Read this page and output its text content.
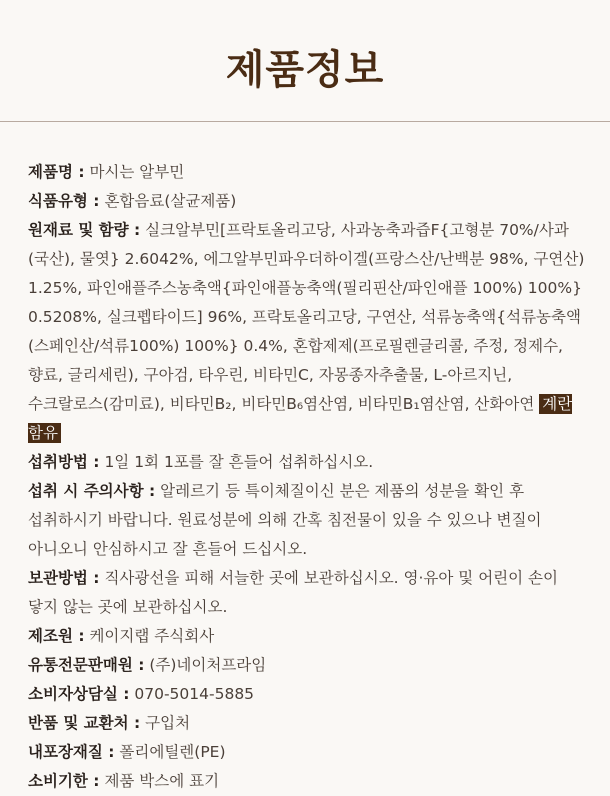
제품정보

제품명 : 마시는 알부민

식품유형 : 혼합음료(살균제품)

원재료 및 함량 : 실크알부민[프락토올리고당, 사과농축과즙F{고형분 70%/사과(국산), 물엿} 2.6042%, 에그알부민파우더하이겔(프랑스산/난백분 98%, 구연산) 1.25%, 파인애플주스농축액{파인애플농축액(필리핀산/파인애플 100%) 100%} 0.5208%, 실크펩타이드] 96%, 프락토올리고당, 구연산, 석류농축액{석류농축액(스페인산/석류100%) 100%} 0.4%, 혼합제제(프로필렌글리콜, 주정, 정제수, 향료, 글리세린), 구아검, 타우린, 비타민C, 자몽종자추출물, L-아르지닌, 수크랄로스(감미료), 비타민B₂, 비타민B₆염산염, 비타민B₁염산염, 산화아연 계란 함유

섭취방법 : 1일 1회 1포를 잘 흔들어 섭취하십시오.

섭취 시 주의사항 : 알레르기 등 특이체질이신 분은 제품의 성분을 확인 후 섭취하시기 바랍니다. 원료성분에 의해 간혹 침전물이 있을 수 있으나 변질이 아니오니 안심하시고 잘 흔들어 드십시오.

보관방법 : 직사광선을 피해 서늘한 곳에 보관하십시오. 영·유아 및 어린이 손이 닿지 않는 곳에 보관하십시오.

제조원 : 케이지랩 주식회사

유통전문판매원 : (주)네이처프라임

소비자상담실 : 070-5014-5885

반품 및 교환처 : 구입처

내포장재질 : 폴리에틸렌(PE)

소비기한 : 제품 박스에 표기
